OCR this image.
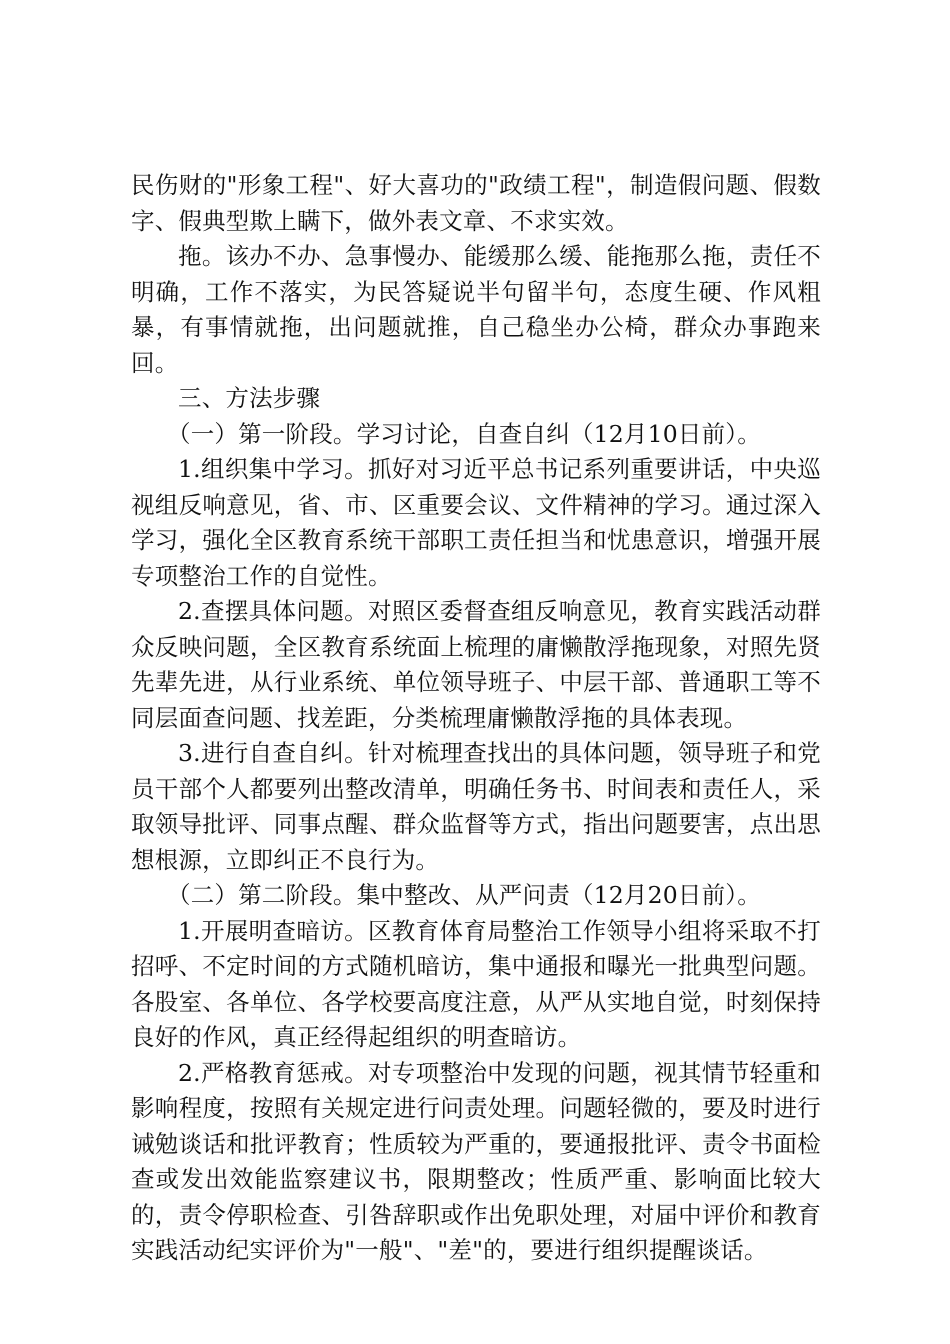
民伤财的"形象工程"、好大喜功的"政绩工程"，制造假问题、假数字、假典型欺上瞒下，做外表文章、不求实效。

拖。该办不办、急事慢办、能缓那么缓、能拖那么拖，责任不明确，工作不落实，为民答疑说半句留半句，态度生硬、作风粗暴，有事情就拖，出问题就推，自己稳坐办公椅，群众办事跑来回。

三、方法步骤

（一）第一阶段。学习讨论，自查自纠（12月10日前）。

1.组织集中学习。抓好对习近平总书记系列重要讲话，中央巡视组反响意见，省、市、区重要会议、文件精神的学习。通过深入学习，强化全区教育系统干部职工责任担当和忧患意识，增强开展专项整治工作的自觉性。

2.查摆具体问题。对照区委督查组反响意见，教育实践活动群众反映问题，全区教育系统面上梳理的庸懒散浮拖现象，对照先贤先辈先进，从行业系统、单位领导班子、中层干部、普通职工等不同层面查问题、找差距，分类梳理庸懒散浮拖的具体表现。

3.进行自查自纠。针对梳理查找出的具体问题，领导班子和党员干部个人都要列出整改清单，明确任务书、时间表和责任人，采取领导批评、同事点醒、群众监督等方式，指出问题要害，点出思想根源，立即纠正不良行为。

（二）第二阶段。集中整改、从严问责（12月20日前）。

1.开展明查暗访。区教育体育局整治工作领导小组将采取不打招呼、不定时间的方式随机暗访，集中通报和曝光一批典型问题。各股室、各单位、各学校要高度注意，从严从实地自觉，时刻保持良好的作风，真正经得起组织的明查暗访。

2.严格教育惩戒。对专项整治中发现的问题，视其情节轻重和影响程度，按照有关规定进行问责处理。问题轻微的，要及时进行诫勉谈话和批评教育；性质较为严重的，要通报批评、责令书面检查或发出效能监察建议书，限期整改；性质严重、影响面比较大的，责令停职检查、引咎辞职或作出免职处理，对届中评价和教育实践活动纪实评价为"一般"、"差"的，要进行组织提醒谈话。
